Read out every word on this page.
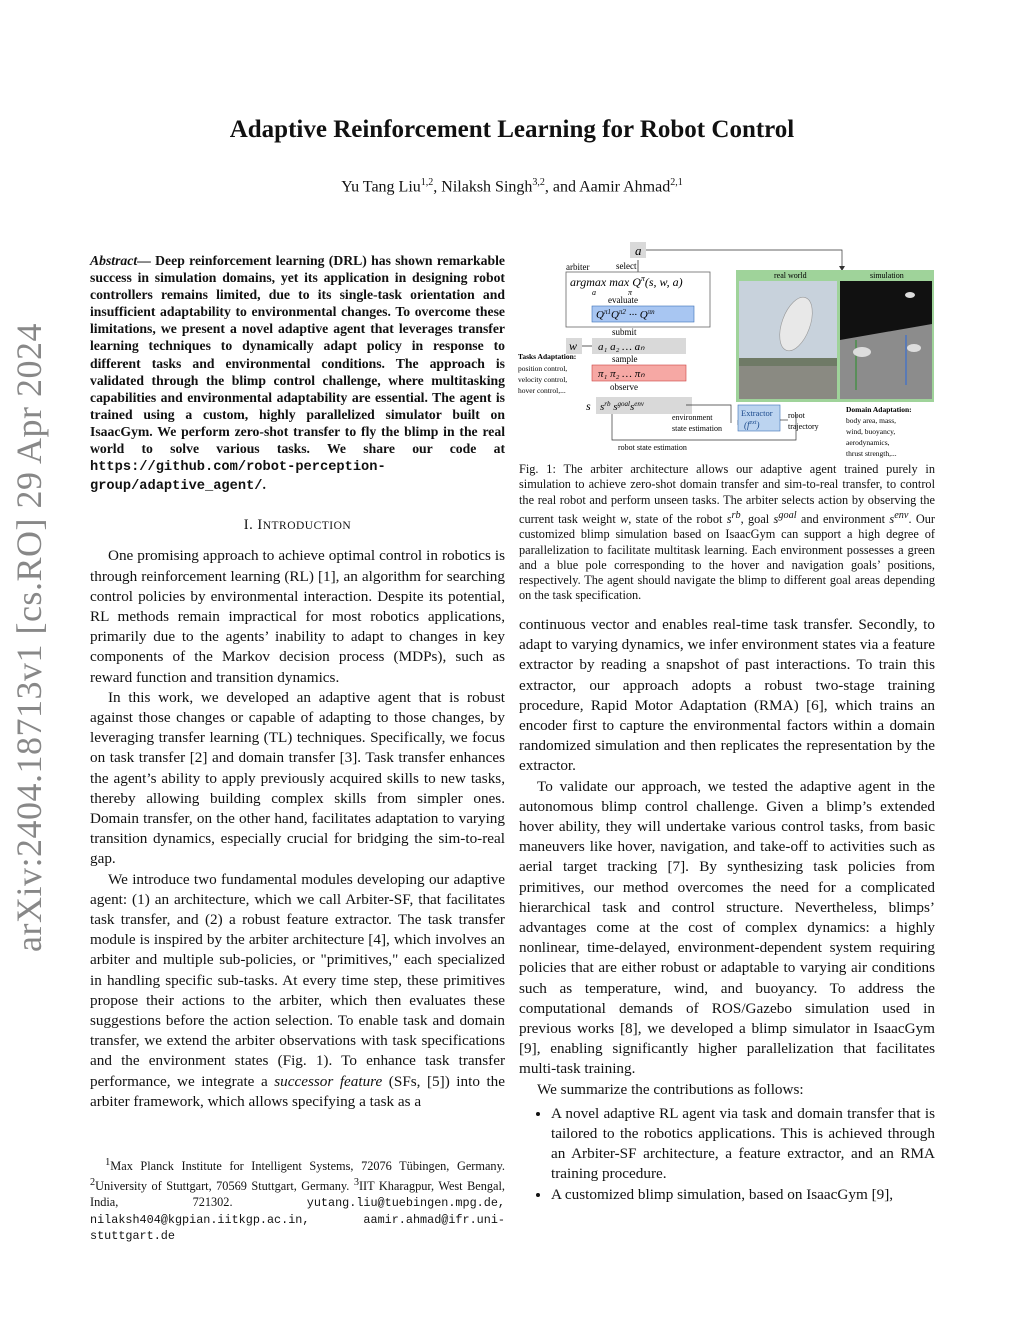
Adaptive Reinforcement Learning for Robot Control
Yu Tang Liu$^{1,2}$, Nilaksh Singh$^{3,2}$, and Aamir Ahmad$^{2,1}$
arXiv:2404.18713v1 [cs.RO] 29 Apr 2024
Abstract— Deep reinforcement learning (DRL) has shown remarkable success in simulation domains, yet its application in designing robot controllers remains limited, due to its single-task orientation and insufficient adaptability to environmental changes. To overcome these limitations, we present a novel adaptive agent that leverages transfer learning techniques to dynamically adapt policy in response to different tasks and environmental conditions. The approach is validated through the blimp control challenge, where multitasking capabilities and environmental adaptability are essential. The agent is trained using a custom, highly parallelized simulator built on IsaacGym. We perform zero-shot transfer to fly the blimp in the real world to solve various tasks. We share our code at https://github.com/robot-perception-group/adaptive_agent/.
I. INTRODUCTION

One promising approach to achieve optimal control in robotics is through reinforcement learning (RL) [1], an algorithm for searching control policies by environmental interaction. Despite its potential, RL methods remain impractical for most robotics applications, primarily due to the agents’ inability to adapt to changes in key components of the Markov decision process (MDPs), such as reward function and transition dynamics.

In this work, we developed an adaptive agent that is robust against those changes or capable of adapting to those changes, by leveraging transfer learning (TL) techniques. Specifically, we focus on task transfer [2] and domain transfer [3]. Task transfer enhances the agent’s ability to apply previously acquired skills to new tasks, thereby allowing building complex skills from simpler ones. Domain transfer, on the other hand, facilitates adaptation to varying transition dynamics, especially crucial for bridging the sim-to-real gap.

We introduce two fundamental modules developing our adaptive agent: (1) an architecture, which we call Arbiter-SF, that facilitates task transfer, and (2) a robust feature extractor. The task transfer module is inspired by the arbiter architecture [4], which involves an arbiter and multiple sub-policies, or "primitives," each specialized in handling specific sub-tasks. At every time step, these primitives propose their actions to the arbiter, which then evaluates these suggestions before the action selection. To enable task and domain transfer, we extend the arbiter observations with task specifications and the environment states (Fig. 1). To enhance task transfer performance, we integrate a successor feature (SFs, [5]) into the arbiter framework, which allows specifying a task as a

$^1$Max Planck Institute for Intelligent Systems, 72076 Tübingen, Germany. $^2$University of Stuttgart, 70569 Stuttgart, Germany. $^3$IIT Kharagpur, West Bengal, India, 721302.	yutang.liu@tuebingen.mpg.de, nilaksh404@kgpian.iitkgp.ac.in,	aamir.ahmad@ifr.uni-stuttgart.de
a
arbiter	select
argmax $\max Q^\pi(s$, w, a)
a	π
evaluate
$Q^{\pi 1}Q^{\pi 2}$ ··· $Q^{\pi n}$
submit
w a₁ a₂ … aₙ
sample
π₁ π₂ … πₙ
observe
Tasks Adaptation:
position control,
velocity control,
hover control,...
s $s^{rb}$ $s^{goal}s^{env}$
environment
state estimation
robot state estimation
Extractor
$(f^{ext})$
robot
trajectory
real world	simulation
Domain Adaptation:
body area, mass,
wind, buoyancy,
aerodynamics,
thrust strength,...
Fig. 1: The arbiter architecture allows our adaptive agent trained purely in simulation to achieve zero-shot domain transfer and sim-to-real transfer, to control the real robot and perform unseen tasks. The arbiter selects action by observing the current task weight w, state of the robot $s^{rb}$, goal $s^{goal}$ and environment $s^{env}$. Our customized blimp simulation based on IsaacGym can support a high degree of parallelization to facilitate multitask learning. Each environment possesses a green and a blue pole corresponding to the hover and navigation goals’ positions, respectively. The agent should navigate the blimp to different goal areas depending on the task specification.

continuous vector and enables real-time task transfer. Secondly, to adapt to varying dynamics, we infer environment states via a feature extractor by reading a snapshot of past interactions. To train this extractor, our approach adopts a robust two-stage training procedure, Rapid Motor Adaptation (RMA) [6], which trains an encoder first to capture the environmental factors within a domain randomized simulation and then replicates the representation by the extractor.

To validate our approach, we tested the adaptive agent in the autonomous blimp control challenge. Given a blimp’s extended hover ability, they will undertake various control tasks, from basic maneuvers like hover, navigation, and take-off to activities such as aerial target tracking [7]. By synthesizing task policies from primitives, our method overcomes the need for a complicated hierarchical task and control structure. Nevertheless, blimps’ advantages come at the cost of complex dynamics: a highly nonlinear, time-delayed, environment-dependent system requiring policies that are either robust or adaptable to varying air conditions such as temperature, wind, and buoyancy. To address the computational demands of ROS/Gazebo simulation used in previous works [8], we developed a blimp simulator in IsaacGym [9], enabling significantly higher parallelization that facilitates multi-task training.

We summarize the contributions as follows:

• A novel adaptive RL agent via task and domain transfer that is tailored to the robotics applications. This is achieved through an Arbiter-SF architecture, a feature extractor, and an RMA training procedure.
• A customized blimp simulation, based on IsaacGym [9],
